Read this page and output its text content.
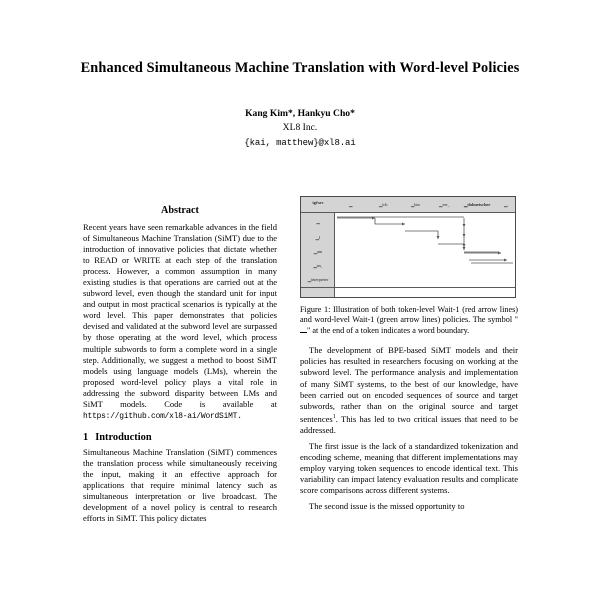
Enhanced Simultaneous Machine Translation with Word-level Policies
Kang Kim*, Hankyu Cho*
XL8 Inc.
{kai, matthew}@xl8.ai
Abstract

Recent years have seen remarkable advances in the field of Simultaneous Machine Translation (SiMT) due to the introduction of innovative policies that dictate whether to READ or WRITE at each step of the translation process. However, a common assumption in many existing studies is that operations are carried out at the subword level, even though the standard unit for input and output in most practical scenarios is typically at the word level. This paper demonstrates that policies devised and validated at the subword level are surpassed by those operating at the word level, which process multiple subwords to form a complete word in a single step. Additionally, we suggest a method to boost SiMT models using language models (LMs), wherein the proposed word-level policy plays a vital role in addressing the subword disparity between LMs and SiMT models. Code is available at https://github.com/xl8-ai/WordSiMT.

1 Introduction

Simultaneous Machine Translation (SiMT) commences the translation process while simultaneously receiving the input, making it an effective approach for applications that require minimal latency such as simultaneous interpretation or live broadcast. The development of a novel policy is central to research efforts in SiMT. This policy dictates

tgt\src	▁	▁ich	▁bin	▁ver_	▁dolmetscher	▁.
▁
▁I
▁am
▁an_
▁interpreter
Figure 1: Illustration of both token-level Wait-1 (red arrow lines) and word-level Wait-1 (green arrow lines) policies. The symbol "" at the end of a token indicates a word boundary.

The development of BPE-based SiMT models and their policies has resulted in researchers focusing on working at the subword level. The performance analysis and implementation of many SiMT systems, to the best of our knowledge, have been carried out on encoded sequences of source and target subwords, rather than on the original source and target sentences$^1$. This has led to two critical issues that need to be addressed.

The first issue is the lack of a standardized tokenization and encoding scheme, meaning that different implementations may employ varying token sequences to encode identical text. This variability can impact latency evaluation results and complicate score comparisons across different systems.

The second issue is the missed opportunity to
